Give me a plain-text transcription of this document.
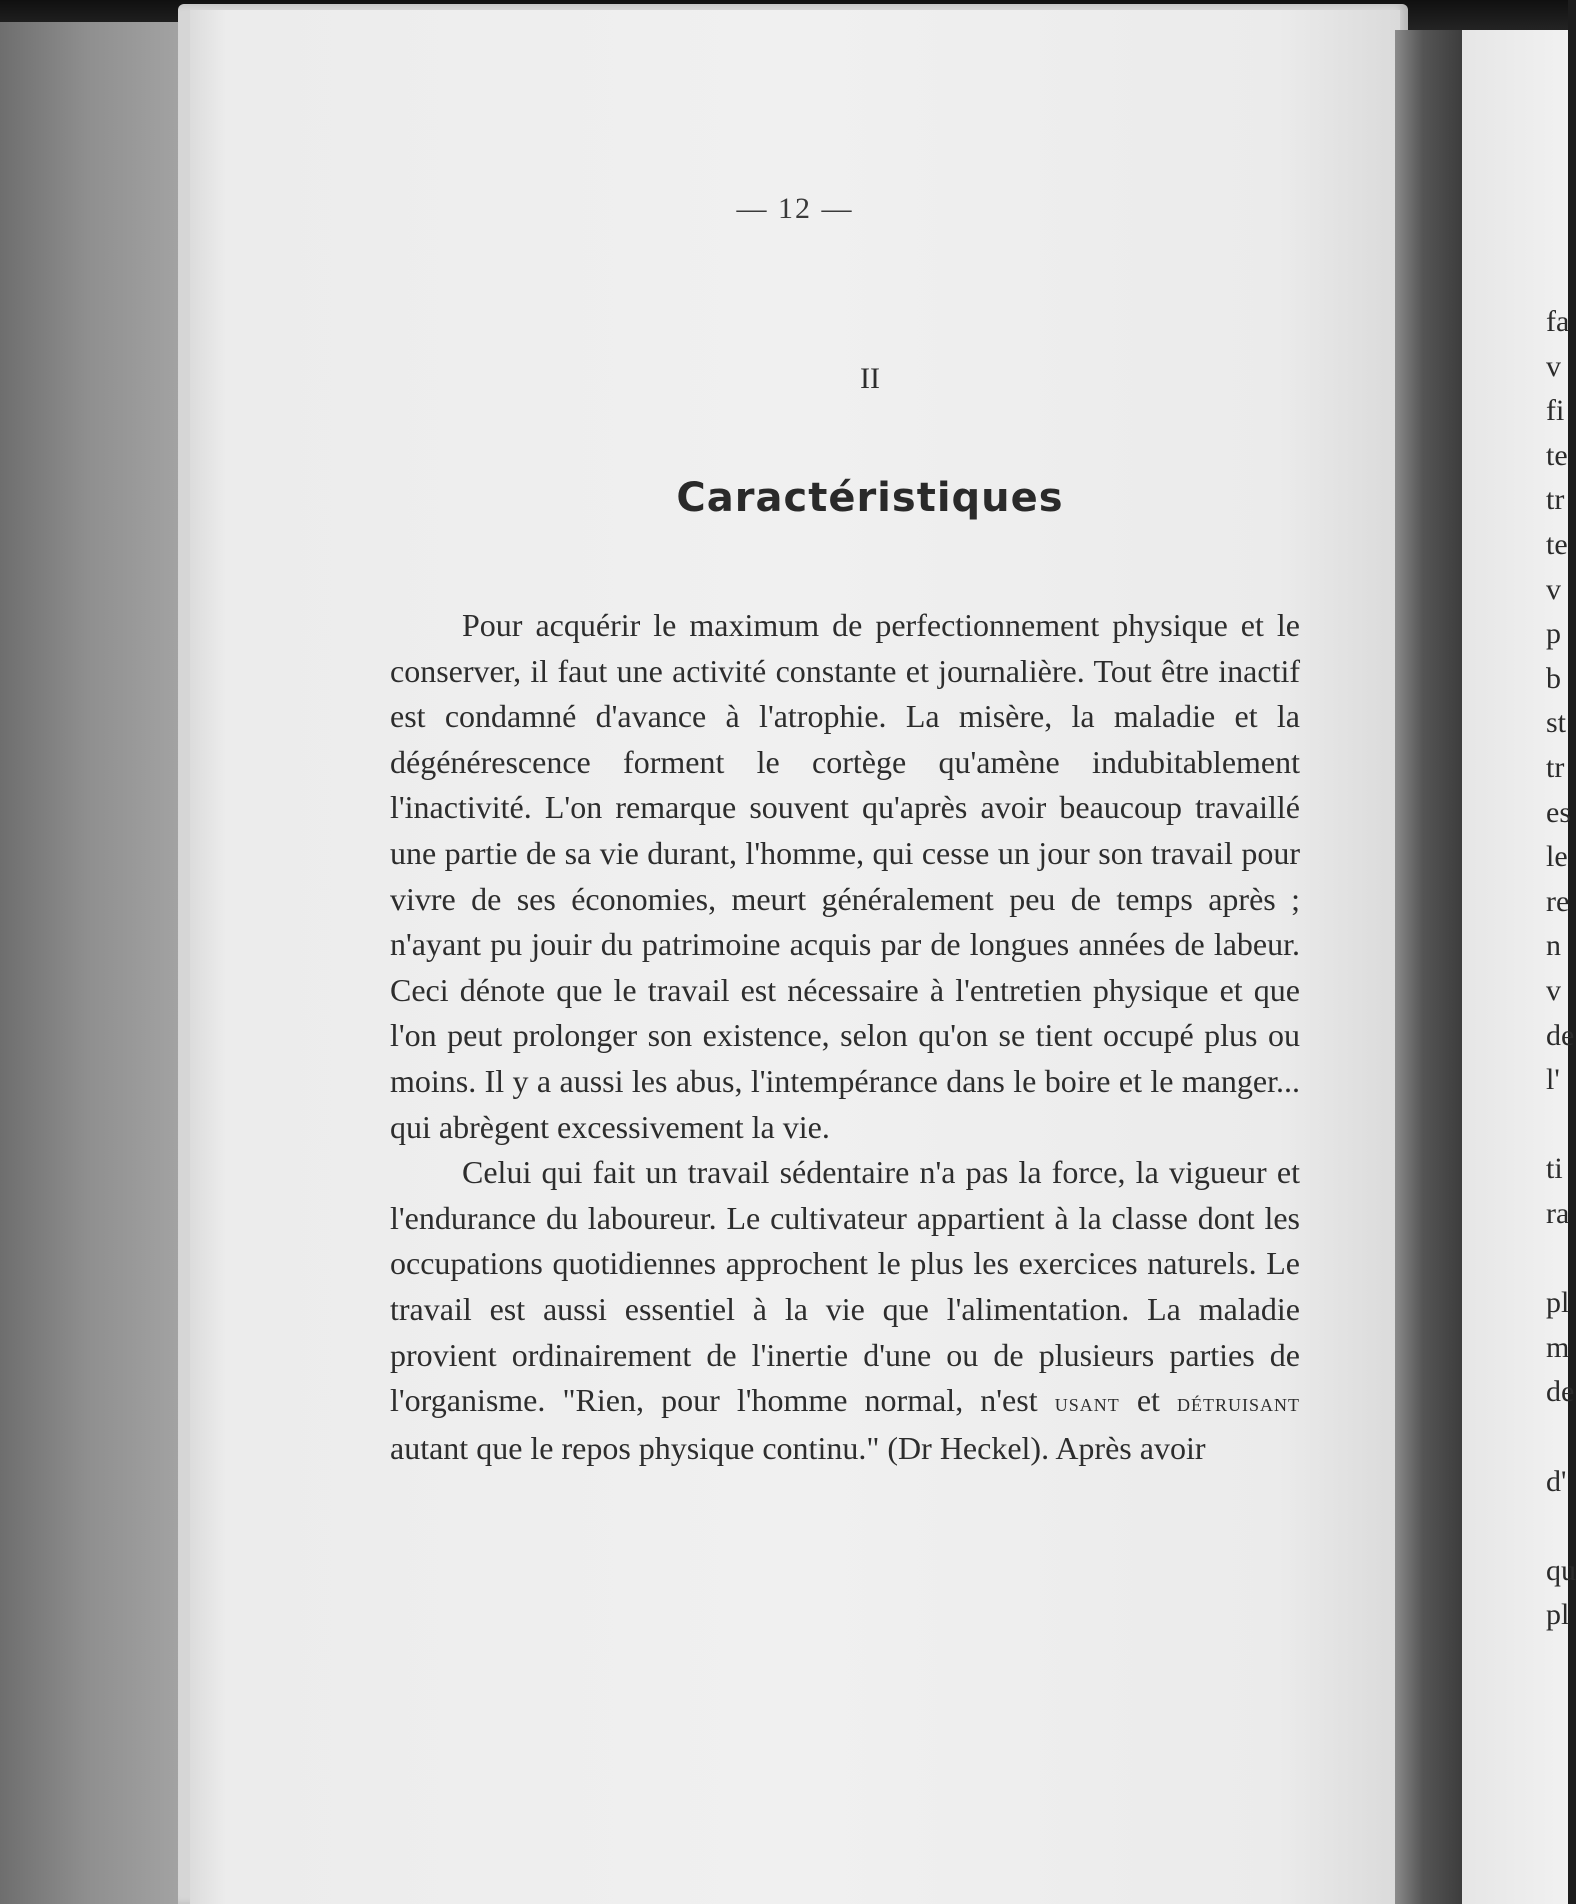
— 12 —
II
Caractéristiques

Pour acquérir le maximum de perfectionnement physique et le conserver, il faut une activité constante et journalière. Tout être inactif est condamné d'avance à l'atrophie. La misère, la maladie et la dégénérescence forment le cortège qu'amène indubitablement l'inactivité. L'on remarque souvent qu'après avoir beaucoup travaillé une partie de sa vie durant, l'homme, qui cesse un jour son travail pour vivre de ses économies, meurt généralement peu de temps après ; n'ayant pu jouir du patrimoine acquis par de longues années de labeur. Ceci dénote que le travail est nécessaire à l'entretien physique et que l'on peut prolonger son existence, selon qu'on se tient occupé plus ou moins. Il y a aussi les abus, l'intempérance dans le boire et le manger... qui abrègent excessivement la vie.

Celui qui fait un travail sédentaire n'a pas la force, la vigueur et l'endurance du laboureur. Le cultivateur appartient à la classe dont les occupations quotidiennes approchent le plus les exercices naturels. Le travail est aussi essentiel à la vie que l'alimentation. La maladie provient ordinairement de l'inertie d'une ou de plusieurs parties de l'organisme. "Rien, pour l'homme normal, n'est usant et détruisant autant que le repos physique continu." (Dr Heckel). Après avoir

fa
v
fi
te
tr
te
v
p
b
st
tr
es
le
re
n
v
de
l'
ti
ra
pl
m
de
d'
qu
pl
